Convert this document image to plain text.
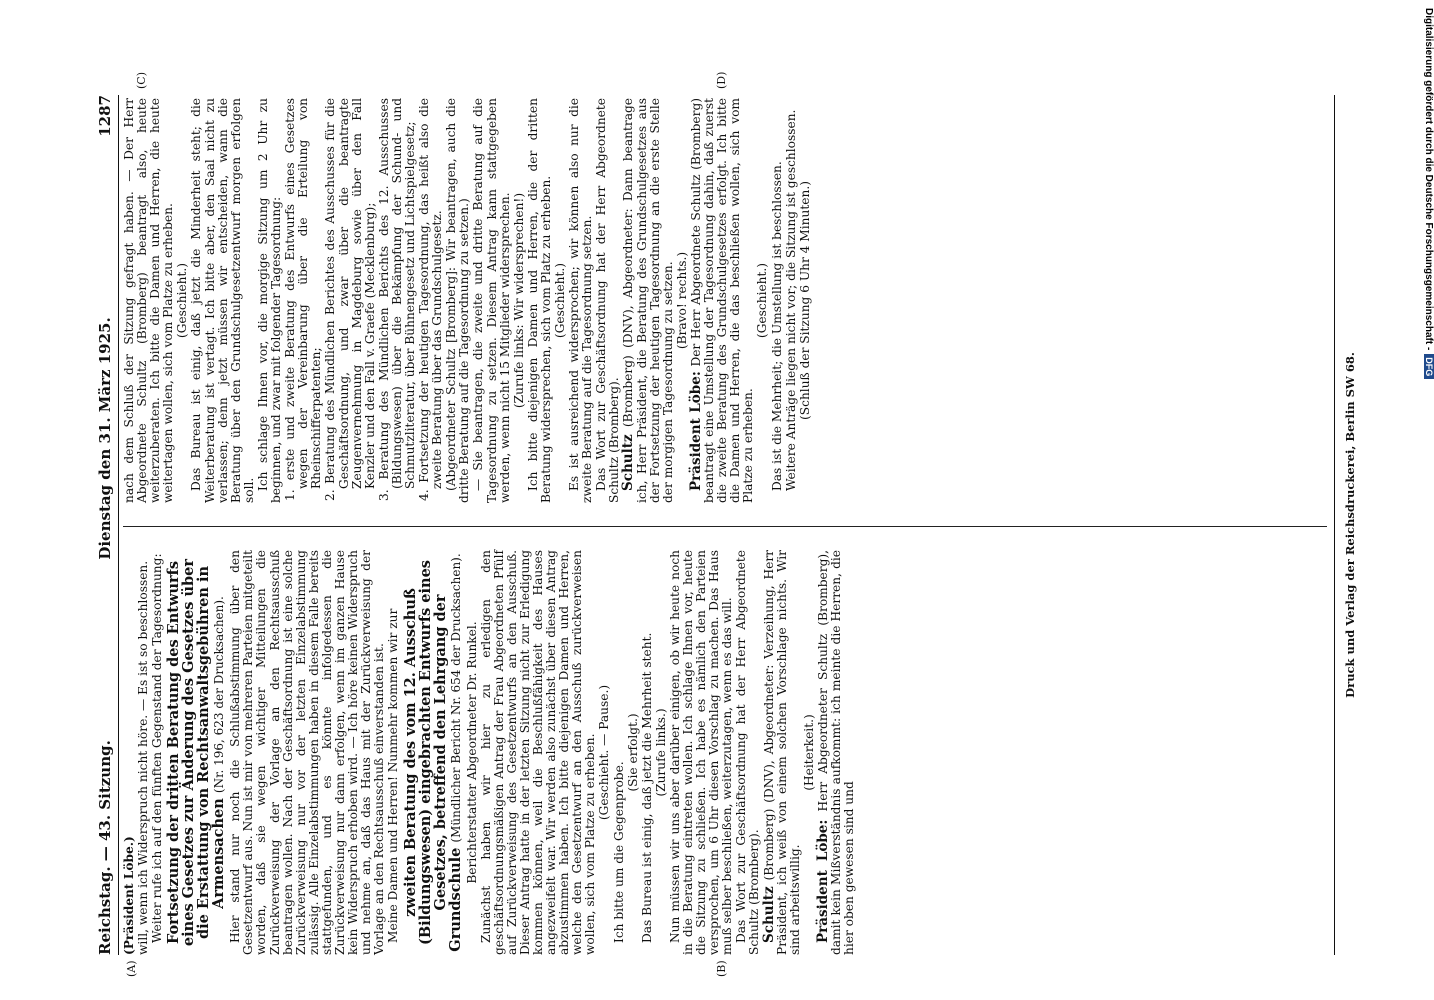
Reichstag. — 43. Sitzung.
Dienstag den 31. März 1925.
1287
(A)	(B)
(C)	(D)

(Präsident Löbe.) will, wenn ich Widerspruch nicht höre. — Es ist so beschlossen. Weiter rufe ich auf den fünften Gegenstand der Tagesordnung: Fortsetzung der dritten Beratung des Entwurfs eines Gesetzes zur Änderung des Gesetzes über die Erstattung von Rechtsanwaltsgebühren in Armensachen (Nr. 196, 623 der Drucksachen). Hier stand nur noch die Schlußabstimmung über den Gesetzentwurf aus. Nun ist mir von mehreren Parteien mitgeteilt worden, daß sie wegen wichtiger Mitteilungen die Zurückverweisung der Vorlage an den Rechtsausschuß beantragen wollen. Nach der Geschäftsordnung ist eine solche Zurückverweisung nur vor der letzten Einzelabstimmung zulässig. Alle Einzelabstimmungen haben in diesem Falle bereits stattgefunden, und es könnte infolgedessen die Zurückverweisung nur dann erfolgen, wenn im ganzen Hause kein Widerspruch erhoben wird. — Ich höre keinen Widerspruch und nehme an, daß das Haus mit der Zurückverweisung der Vorlage an den Rechtsausschuß einverstanden ist. Meine Damen und Herren! Nunmehr kommen wir zur zweiten Beratung des vom 12. Ausschuß (Bildungswesen) eingebrachten Entwurfs eines Gesetzes, betreffend den Lehrgang der Grundschule (Mündlicher Bericht Nr. 654 der Drucksachen). Berichterstatter Abgeordneter Dr. Runkel. Zunächst haben wir hier zu erledigen den geschäftsordnungsmäßigen Antrag der Frau Abgeordneten Pfülf auf Zurückverweisung des Gesetzentwurfs an den Ausschuß. Dieser Antrag hatte in der letzten Sitzung nicht zur Erledigung kommen können, weil die Beschlußfähigkeit des Hauses angezweifelt war. Wir werden also zunächst über diesen Antrag abzustimmen haben. Ich bitte diejenigen Damen und Herren, welche den Gesetzentwurf an den Ausschuß zurückverweisen wollen, sich vom Platze zu erheben. (Geschieht. — Pause.)

Ich bitte um die Gegenprobe.

(Sie erfolgt.) Das Bureau ist einig, daß jetzt die Mehrheit steht. (Zurufe links.) Nun müssen wir uns aber darüber einigen, ob wir heute noch in die Beratung eintreten wollen. Ich schlage Ihnen vor, heute die Sitzung zu schließen. Ich habe es nämlich den Parteien versprochen, um 6 Uhr diesen Vorschlag zu machen. Das Haus muß selber beschließen, weiterzutagen, wenn es das will. Das Wort zur Geschäftsordnung hat der Herr Abgeordnete Schultz (Bromberg). Schultz (Bromberg) (DNV), Abgeordneter: Verzeihung, Herr Präsident, ich weiß von einem solchen Vorschlage nichts. Wir sind arbeitswillig.

(Heiterkeit.)

Präsident Löbe: Herr Abgeordneter Schultz (Bromberg), damit kein Mißverständnis aufkommt: ich meinte die Herren, die hier oben gewesen sind und

nach dem Schluß der Sitzung gefragt haben. — Der Herr Abgeordnete Schultz (Bromberg) beantragt also, heute weiterzuberaten. Ich bitte die Damen und Herren, die heute weitertagen wollen, sich vom Platze zu erheben. (Geschieht.) Das Bureau ist einig, daß jetzt die Minderheit steht; die Weiterberatung ist vertagt. Ich bitte aber, den Saal nicht zu verlassen; denn jetzt müssen wir entscheiden, wann die Beratung über den Grundschulgesetzentwurf morgen erfolgen soll. Ich schlage Ihnen vor, die morgige Sitzung um 2 Uhr zu beginnen, und zwar mit folgender Tagesordnung: 1. erste und zweite Beratung des Entwurfs eines Gesetzes wegen der Vereinbarung über die Erteilung von Rheinschifferpatenten; 2. Beratung des Mündlichen Berichtes des Ausschusses für die Geschäftsordnung, und zwar über die beantragte Zeugenvernehmung in Magdeburg sowie über den Fall Kenzler und den Fall v. Graefe (Mecklenburg); 3. Beratung des Mündlichen Berichts des 12. Ausschusses (Bildungswesen) über die Bekämpfung der Schund- und Schmutzliteratur, über Bühnengesetz und Lichtspielgesetz; 4. Fortsetzung der heutigen Tagesordnung, das heißt also die zweite Beratung über das Grundschulgesetz. (Abgeordneter Schultz [Bromberg]: Wir beantragen, auch die dritte Beratung auf die Tagesordnung zu setzen.) — Sie beantragen, die zweite und dritte Beratung auf die Tagesordnung zu setzen. Diesem Antrag kann stattgegeben werden, wenn nicht 15 Mitglieder widersprechen. (Zurufe links: Wir widersprechen!) Ich bitte diejenigen Damen und Herren, die der dritten Beratung widersprechen, sich vom Platz zu erheben. (Geschieht.) Es ist ausreichend widersprochen; wir können also nur die zweite Beratung auf die Tagesordnung setzen. Das Wort zur Geschäftsordnung hat der Herr Abgeordnete Schultz (Bromberg). Schultz (Bromberg) (DNV), Abgeordneter: Dann beantrage ich, Herr Präsident, die Beratung des Grundschulgesetzes aus der Fortsetzung der heutigen Tagesordnung an die erste Stelle der morgigen Tagesordnung zu setzen. (Bravo! rechts.)

Präsident Löbe: Der Herr Abgeordnete Schultz (Bromberg) beantragt eine Umstellung der Tagesordnung dahin, daß zuerst die zweite Beratung des Grundschulgesetzes erfolgt. Ich bitte die Damen und Herren, die das beschließen wollen, sich vom Platze zu erheben.

(Geschieht.) Das ist die Mehrheit; die Umstellung ist beschlossen. Weitere Anträge liegen nicht vor; die Sitzung ist geschlossen. (Schluß der Sitzung 6 Uhr 4 Minuten.)

Druck und Verlag der Reichsdruckerei, Berlin SW 68.
Digitalisierung gefördert durch die Deutsche Forschungsgemeinschaft -DFG
